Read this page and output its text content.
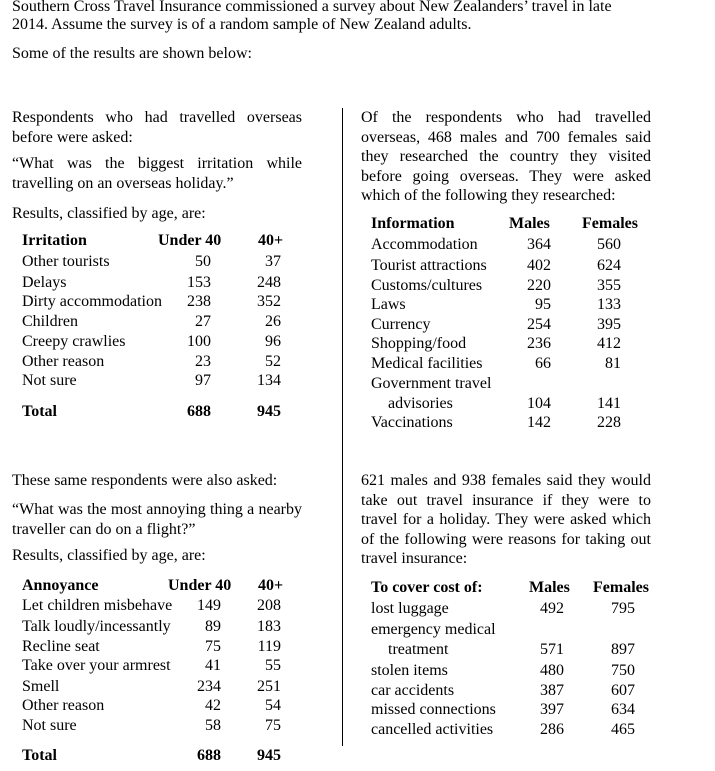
Southern Cross Travel Insurance commissioned a survey about New Zealanders’ travel in late
2014. Assume the survey is of a random sample of New Zealand adults.
Some of the results are shown below:
Respondents who had travelled overseas before were asked:
“What was the biggest irritation while travelling on an overseas holiday.”
Results, classified by age, are:
Irritation	Under 40 40+
Other tourists	50	37
Delays	153	248
Dirty accommodation	238	352
Children	27	26
Creepy crawlies	100	96
Other reason	23	52
Not sure	97	134
Total	688	945
Of the respondents who had travelled overseas, 468 males and 700 females said they researched the country they visited before going overseas. They were asked which of the following they researched:
Information	Males Females
Accommodation	364	560
Tourist attractions	402	624
Customs/cultures	220	355
Laws	95	133
Currency	254	395
Shopping/food	236	412
Medical facilities	66	81
Government travel
advisories	104	141
Vaccinations	142	228
These same respondents were also asked:
“What was the most annoying thing a nearby traveller can do on a flight?”
Results, classified by age, are:
Annoyance	Under 40 40+
Let children misbehave	149	208
Talk loudly/incessantly	89	183
Recline seat	75	119
Take over your armrest	41	55
Smell	234	251
Other reason	42	54
Not sure	58	75
Total	688	945
621 males and 938 females said they would take out travel insurance if they were to travel for a holiday. They were asked which of the following were reasons for taking out travel insurance:
To cover cost of:	Males Females
lost luggage	492	795
emergency medical
treatment	571	897
stolen items	480	750
car accidents	387	607
missed connections	397	634
cancelled activities	286	465
